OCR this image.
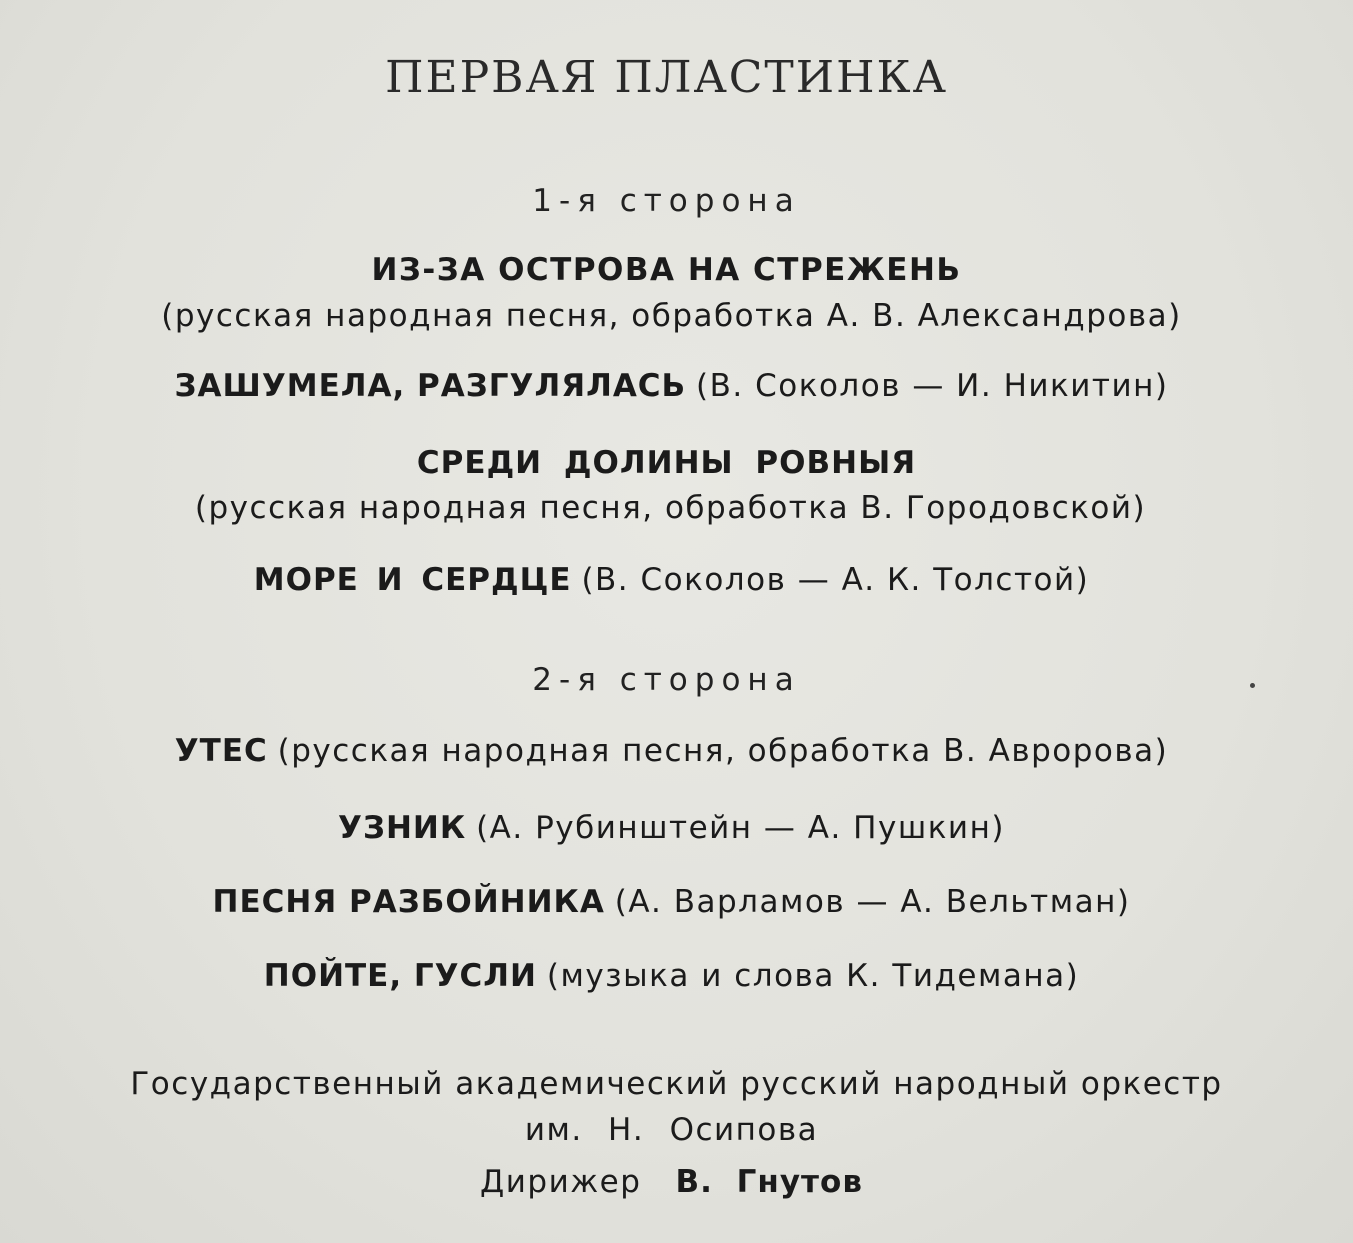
ПЕРВАЯ ПЛАСТИНКА
1-я сторона
ИЗ-ЗА ОСТРОВА НА СТРЕЖЕНЬ
(русская народная песня, обработка А. В. Александрова)
ЗАШУМЕЛА, РАЗГУЛЯЛАСЬ (В. Соколов — И. Никитин)
СРЕДИ ДОЛИНЫ РОВНЫЯ
(русская народная песня, обработка В. Городовской)
МОРЕ И СЕРДЦЕ (В. Соколов — А. К. Толстой)
2-я сторона
УТЕС (русская народная песня, обработка В. Авророва)
УЗНИК (А. Рубинштейн — А. Пушкин)
ПЕСНЯ РАЗБОЙНИКА (А. Варламов — А. Вельтман)
ПОЙТЕ, ГУСЛИ (музыка и слова К. Тидемана)
Государственный академический русский народный оркестр
им. Н. Осипова
Дирижер В. Гнутов
